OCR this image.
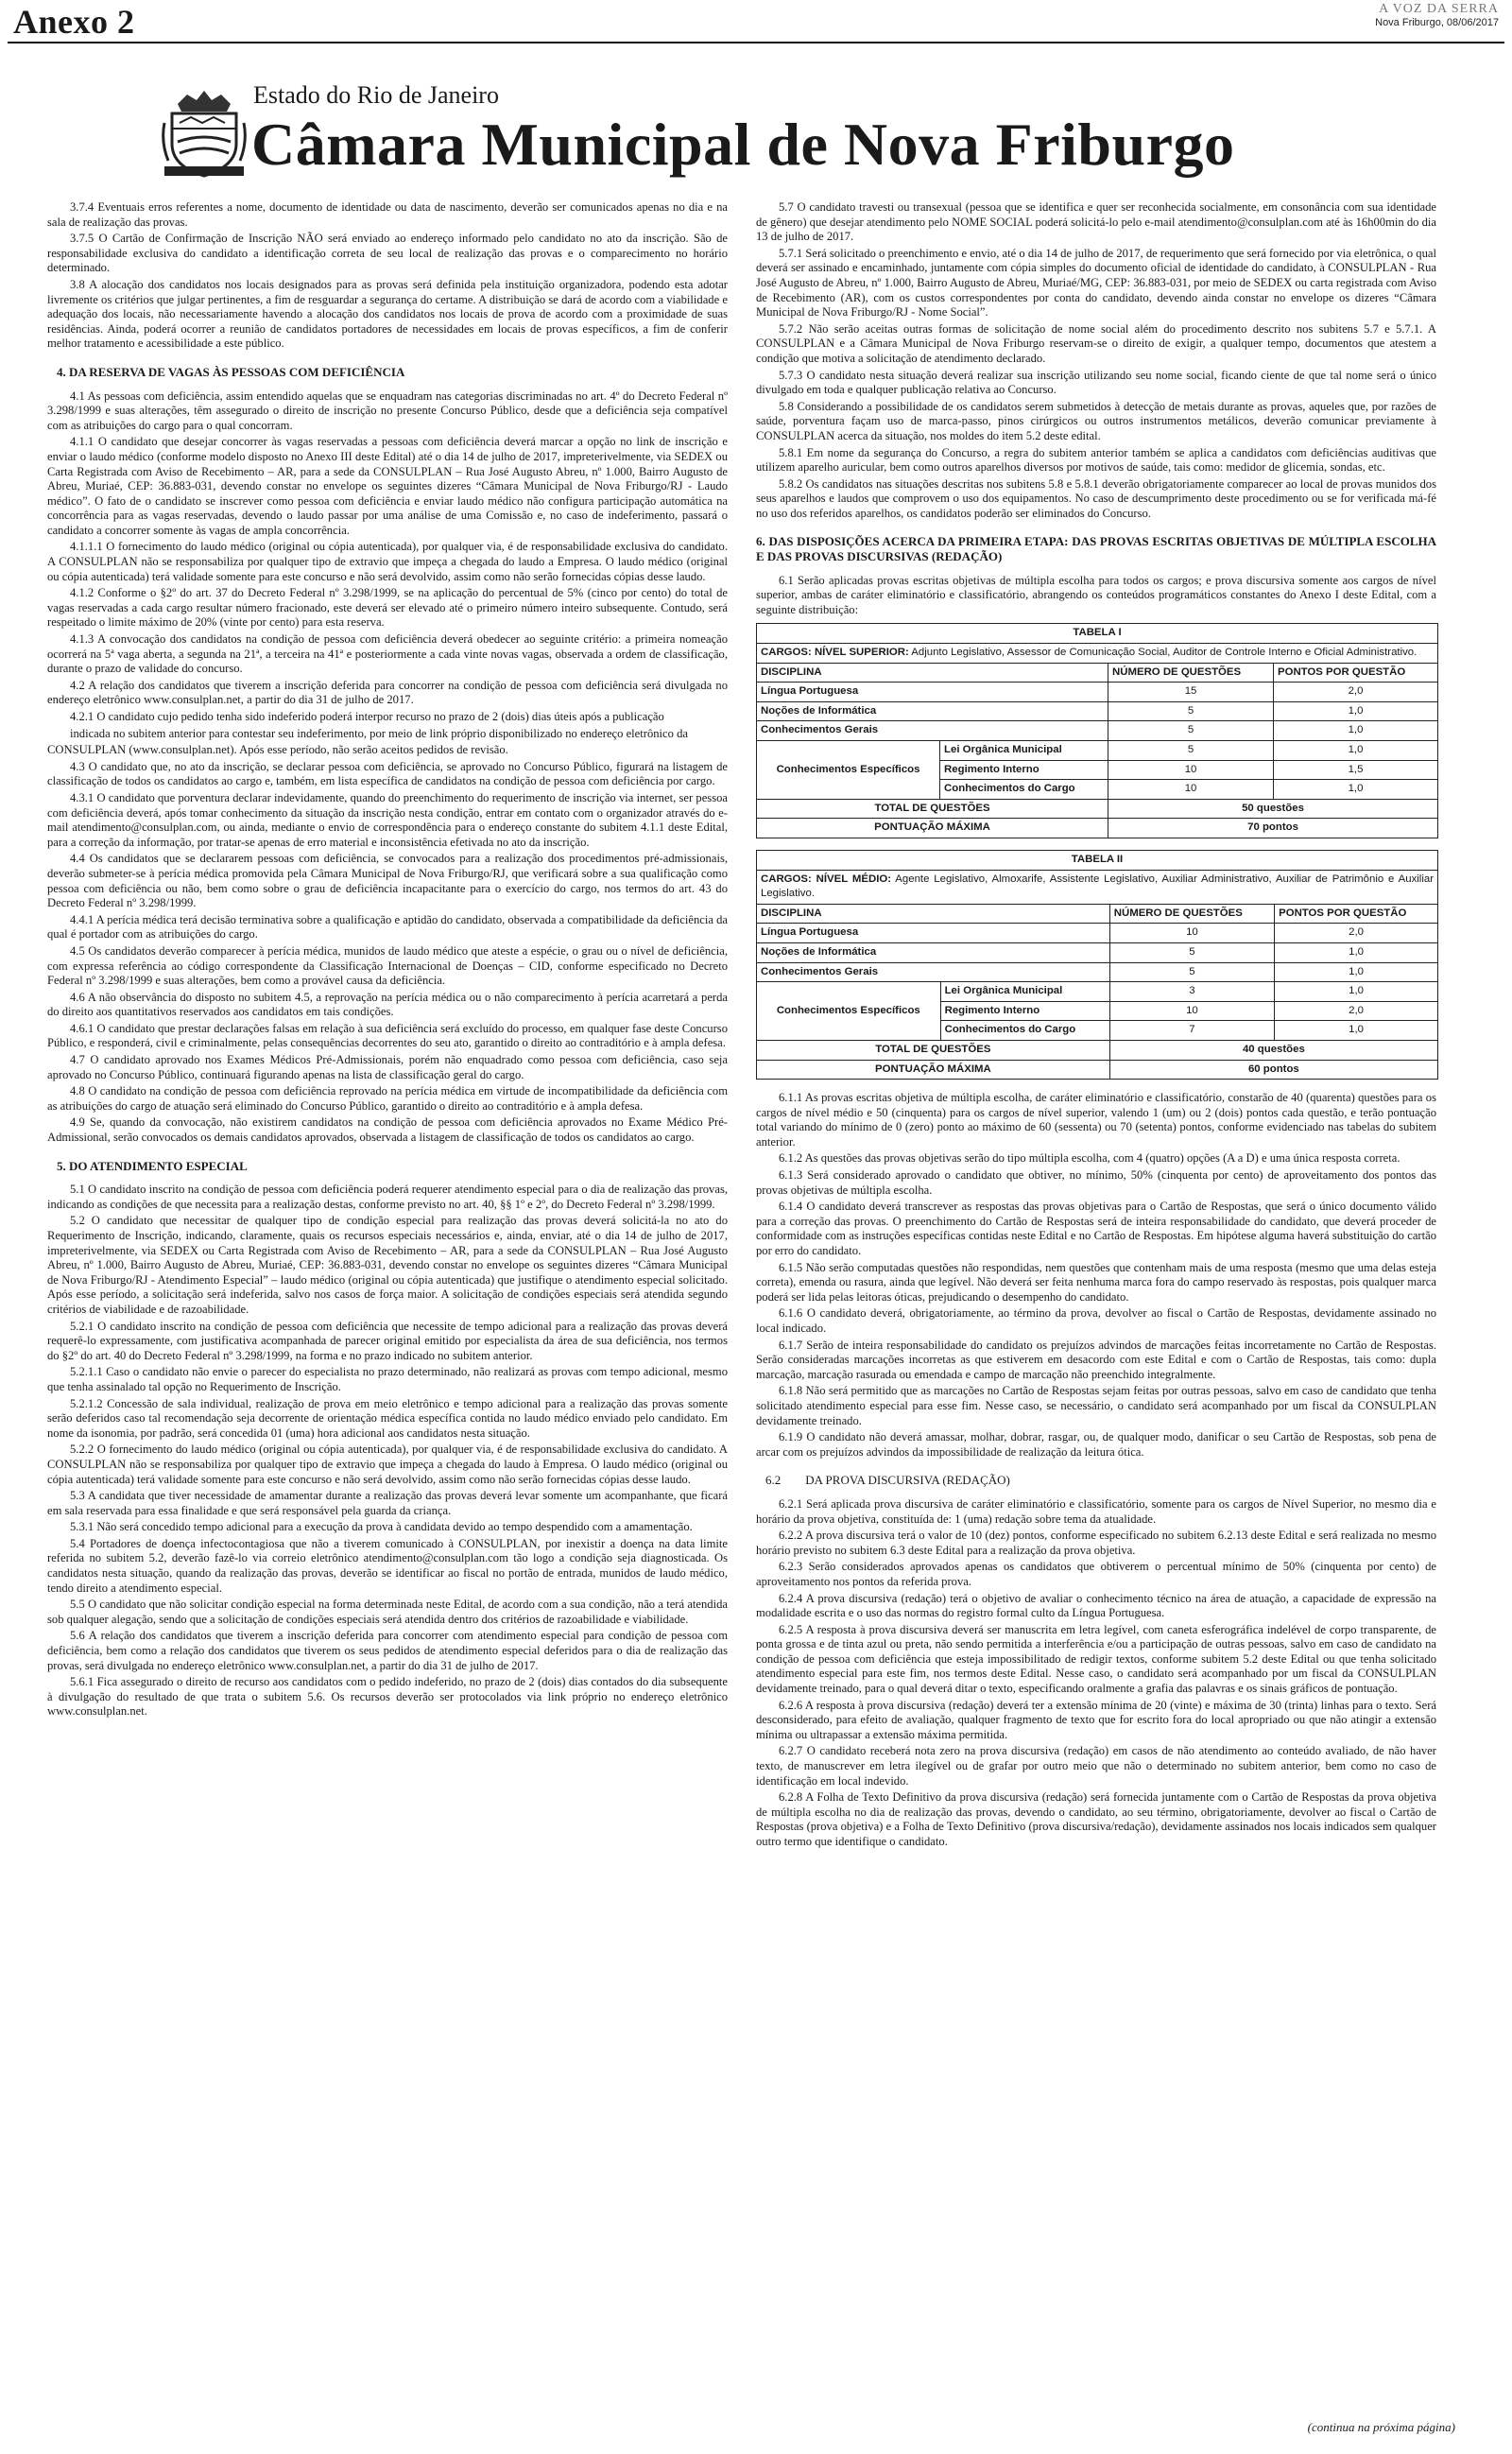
Anexo 2	A VOZ DA SERRA
Nova Friburgo, 08/06/2017
Estado do Rio de Janeiro
Câmara Municipal de Nova Friburgo

3.7.4 Eventuais erros referentes a nome, documento de identidade ou data de nascimento, deverão ser comunicados apenas no dia e na sala de realização das provas.

3.7.5 O Cartão de Confirmação de Inscrição NÃO será enviado ao endereço informado pelo candidato no ato da inscrição. São de responsabilidade exclusiva do candidato a identificação correta de seu local de realização das provas e o comparecimento no horário determinado.

3.8 A alocação dos candidatos nos locais designados para as provas será definida pela instituição organizadora, podendo esta adotar livremente os critérios que julgar pertinentes, a fim de resguardar a segurança do certame. A distribuição se dará de acordo com a viabilidade e adequação dos locais, não necessariamente havendo a alocação dos candidatos nos locais de prova de acordo com a proximidade de suas residências. Ainda, poderá ocorrer a reunião de candidatos portadores de necessidades em locais de provas específicos, a fim de conferir melhor tratamento e acessibilidade a este público.

4. DA RESERVA DE VAGAS ÀS PESSOAS COM DEFICIÊNCIA

4.1 As pessoas com deficiência, assim entendido aquelas que se enquadram nas categorias discriminadas no art. 4º do Decreto Federal nº 3.298/1999 e suas alterações, têm assegurado o direito de inscrição no presente Concurso Público, desde que a deficiência seja compatível com as atribuições do cargo para o qual concorram.

4.1.1 O candidato que desejar concorrer às vagas reservadas a pessoas com deficiência deverá marcar a opção no link de inscrição e enviar o laudo médico (conforme modelo disposto no Anexo III deste Edital) até o dia 14 de julho de 2017, impreterivelmente, via SEDEX ou Carta Registrada com Aviso de Recebimento – AR, para a sede da CONSULPLAN – Rua José Augusto Abreu, nº 1.000, Bairro Augusto de Abreu, Muriaé, CEP: 36.883-031, devendo constar no envelope os seguintes dizeres “Câmara Municipal de Nova Friburgo/RJ - Laudo médico”. O fato de o candidato se inscrever como pessoa com deficiência e enviar laudo médico não configura participação automática na concorrência para as vagas reservadas, devendo o laudo passar por uma análise de uma Comissão e, no caso de indeferimento, passará o candidato a concorrer somente às vagas de ampla concorrência.

4.1.1.1 O fornecimento do laudo médico (original ou cópia autenticada), por qualquer via, é de responsabilidade exclusiva do candidato. A CONSULPLAN não se responsabiliza por qualquer tipo de extravio que impeça a chegada do laudo a Empresa. O laudo médico (original ou cópia autenticada) terá validade somente para este concurso e não será devolvido, assim como não serão fornecidas cópias desse laudo.

4.1.2 Conforme o §2º do art. 37 do Decreto Federal nº 3.298/1999, se na aplicação do percentual de 5% (cinco por cento) do total de vagas reservadas a cada cargo resultar número fracionado, este deverá ser elevado até o primeiro número inteiro subsequente. Contudo, será respeitado o limite máximo de 20% (vinte por cento) para esta reserva.

4.1.3 A convocação dos candidatos na condição de pessoa com deficiência deverá obedecer ao seguinte critério: a primeira nomeação ocorrerá na 5ª vaga aberta, a segunda na 21ª, a terceira na 41ª e posteriormente a cada vinte novas vagas, observada a ordem de classificação, durante o prazo de validade do concurso.

4.2 A relação dos candidatos que tiverem a inscrição deferida para concorrer na condição de pessoa com deficiência será divulgada no endereço eletrônico www.consulplan.net, a partir do dia 31 de julho de 2017.

4.2.1 O candidato cujo pedido tenha sido indeferido poderá interpor recurso no prazo de 2 (dois) dias úteis após a publicação

indicada no subitem anterior para contestar seu indeferimento, por meio de link próprio disponibilizado no endereço eletrônico da

CONSULPLAN (www.consulplan.net). Após esse período, não serão aceitos pedidos de revisão.

4.3 O candidato que, no ato da inscrição, se declarar pessoa com deficiência, se aprovado no Concurso Público, figurará na listagem de classificação de todos os candidatos ao cargo e, também, em lista específica de candidatos na condição de pessoa com deficiência por cargo.

4.3.1 O candidato que porventura declarar indevidamente, quando do preenchimento do requerimento de inscrição via internet, ser pessoa com deficiência deverá, após tomar conhecimento da situação da inscrição nesta condição, entrar em contato com o organizador através do e-mail atendimento@consulplan.com, ou ainda, mediante o envio de correspondência para o endereço constante do subitem 4.1.1 deste Edital, para a correção da informação, por tratar-se apenas de erro material e inconsistência efetivada no ato da inscrição.

4.4 Os candidatos que se declararem pessoas com deficiência, se convocados para a realização dos procedimentos pré-admissionais, deverão submeter-se à perícia médica promovida pela Câmara Municipal de Nova Friburgo/RJ, que verificará sobre a sua qualificação como pessoa com deficiência ou não, bem como sobre o grau de deficiência incapacitante para o exercício do cargo, nos termos do art. 43 do Decreto Federal nº 3.298/1999.

4.4.1 A perícia médica terá decisão terminativa sobre a qualificação e aptidão do candidato, observada a compatibilidade da deficiência da qual é portador com as atribuições do cargo.

4.5 Os candidatos deverão comparecer à perícia médica, munidos de laudo médico que ateste a espécie, o grau ou o nível de deficiência, com expressa referência ao código correspondente da Classificação Internacional de Doenças – CID, conforme especificado no Decreto Federal nº 3.298/1999 e suas alterações, bem como a provável causa da deficiência.

4.6 A não observância do disposto no subitem 4.5, a reprovação na perícia médica ou o não comparecimento à perícia acarretará a perda do direito aos quantitativos reservados aos candidatos em tais condições.

4.6.1 O candidato que prestar declarações falsas em relação à sua deficiência será excluído do processo, em qualquer fase deste Concurso Público, e responderá, civil e criminalmente, pelas consequências decorrentes do seu ato, garantido o direito ao contraditório e à ampla defesa.

4.7 O candidato aprovado nos Exames Médicos Pré-Admissionais, porém não enquadrado como pessoa com deficiência, caso seja aprovado no Concurso Público, continuará figurando apenas na lista de classificação geral do cargo.

4.8 O candidato na condição de pessoa com deficiência reprovado na perícia médica em virtude de incompatibilidade da deficiência com as atribuições do cargo de atuação será eliminado do Concurso Público, garantido o direito ao contraditório e à ampla defesa.

4.9 Se, quando da convocação, não existirem candidatos na condição de pessoa com deficiência aprovados no Exame Médico Pré-Admissional, serão convocados os demais candidatos aprovados, observada a listagem de classificação de todos os candidatos ao cargo.

5. DO ATENDIMENTO ESPECIAL

5.1 O candidato inscrito na condição de pessoa com deficiência poderá requerer atendimento especial para o dia de realização das provas, indicando as condições de que necessita para a realização destas, conforme previsto no art. 40, §§ 1º e 2º, do Decreto Federal nº 3.298/1999.

5.2 O candidato que necessitar de qualquer tipo de condição especial para realização das provas deverá solicitá-la no ato do Requerimento de Inscrição, indicando, claramente, quais os recursos especiais necessários e, ainda, enviar, até o dia 14 de julho de 2017, impreterivelmente, via SEDEX ou Carta Registrada com Aviso de Recebimento – AR, para a sede da CONSULPLAN – Rua José Augusto Abreu, nº 1.000, Bairro Augusto de Abreu, Muriaé, CEP: 36.883-031, devendo constar no envelope os seguintes dizeres “Câmara Municipal de Nova Friburgo/RJ - Atendimento Especial” – laudo médico (original ou cópia autenticada) que justifique o atendimento especial solicitado. Após esse período, a solicitação será indeferida, salvo nos casos de força maior. A solicitação de condições especiais será atendida segundo critérios de viabilidade e de razoabilidade.

5.2.1 O candidato inscrito na condição de pessoa com deficiência que necessite de tempo adicional para a realização das provas deverá requerê-lo expressamente, com justificativa acompanhada de parecer original emitido por especialista da área de sua deficiência, nos termos do §2º do art. 40 do Decreto Federal nº 3.298/1999, na forma e no prazo indicado no subitem anterior.

5.2.1.1 Caso o candidato não envie o parecer do especialista no prazo determinado, não realizará as provas com tempo adicional, mesmo que tenha assinalado tal opção no Requerimento de Inscrição.

5.2.1.2 Concessão de sala individual, realização de prova em meio eletrônico e tempo adicional para a realização das provas somente serão deferidos caso tal recomendação seja decorrente de orientação médica específica contida no laudo médico enviado pelo candidato. Em nome da isonomia, por padrão, será concedida 01 (uma) hora adicional aos candidatos nesta situação.

5.2.2 O fornecimento do laudo médico (original ou cópia autenticada), por qualquer via, é de responsabilidade exclusiva do candidato. A CONSULPLAN não se responsabiliza por qualquer tipo de extravio que impeça a chegada do laudo à Empresa. O laudo médico (original ou cópia autenticada) terá validade somente para este concurso e não será devolvido, assim como não serão fornecidas cópias desse laudo.

5.3 A candidata que tiver necessidade de amamentar durante a realização das provas deverá levar somente um acompanhante, que ficará em sala reservada para essa finalidade e que será responsável pela guarda da criança.

5.3.1 Não será concedido tempo adicional para a execução da prova à candidata devido ao tempo despendido com a amamentação.

5.4 Portadores de doença infectocontagiosa que não a tiverem comunicado à CONSULPLAN, por inexistir a doença na data limite referida no subitem 5.2, deverão fazê-lo via correio eletrônico atendimento@consulplan.com tão logo a condição seja diagnosticada. Os candidatos nesta situação, quando da realização das provas, deverão se identificar ao fiscal no portão de entrada, munidos de laudo médico, tendo direito a atendimento especial.

5.5 O candidato que não solicitar condição especial na forma determinada neste Edital, de acordo com a sua condição, não a terá atendida sob qualquer alegação, sendo que a solicitação de condições especiais será atendida dentro dos critérios de razoabilidade e viabilidade.

5.6 A relação dos candidatos que tiverem a inscrição deferida para concorrer com atendimento especial para condição de pessoa com deficiência, bem como a relação dos candidatos que tiverem os seus pedidos de atendimento especial deferidos para o dia de realização das provas, será divulgada no endereço eletrônico www.consulplan.net, a partir do dia 31 de julho de 2017.

5.6.1 Fica assegurado o direito de recurso aos candidatos com o pedido indeferido, no prazo de 2 (dois) dias contados do dia subsequente à divulgação do resultado de que trata o subitem 5.6. Os recursos deverão ser protocolados via link próprio no endereço eletrônico www.consulplan.net.

5.7 O candidato travesti ou transexual (pessoa que se identifica e quer ser reconhecida socialmente, em consonância com sua identidade de gênero) que desejar atendimento pelo NOME SOCIAL poderá solicitá-lo pelo e-mail atendimento@consulplan.com até às 16h00min do dia 13 de julho de 2017.

5.7.1 Será solicitado o preenchimento e envio, até o dia 14 de julho de 2017, de requerimento que será fornecido por via eletrônica, o qual deverá ser assinado e encaminhado, juntamente com cópia simples do documento oficial de identidade do candidato, à CONSULPLAN - Rua José Augusto de Abreu, nº 1.000, Bairro Augusto de Abreu, Muriaé/MG, CEP: 36.883-031, por meio de SEDEX ou carta registrada com Aviso de Recebimento (AR), com os custos correspondentes por conta do candidato, devendo ainda constar no envelope os dizeres “Câmara Municipal de Nova Friburgo/RJ - Nome Social”.

5.7.2 Não serão aceitas outras formas de solicitação de nome social além do procedimento descrito nos subitens 5.7 e 5.7.1. A CONSULPLAN e a Câmara Municipal de Nova Friburgo reservam-se o direito de exigir, a qualquer tempo, documentos que atestem a condição que motiva a solicitação de atendimento declarado.

5.7.3 O candidato nesta situação deverá realizar sua inscrição utilizando seu nome social, ficando ciente de que tal nome será o único divulgado em toda e qualquer publicação relativa ao Concurso.

5.8 Considerando a possibilidade de os candidatos serem submetidos à detecção de metais durante as provas, aqueles que, por razões de saúde, porventura façam uso de marca-passo, pinos cirúrgicos ou outros instrumentos metálicos, deverão comunicar previamente à CONSULPLAN acerca da situação, nos moldes do item 5.2 deste edital.

5.8.1 Em nome da segurança do Concurso, a regra do subitem anterior também se aplica a candidatos com deficiências auditivas que utilizem aparelho auricular, bem como outros aparelhos diversos por motivos de saúde, tais como: medidor de glicemia, sondas, etc.

5.8.2 Os candidatos nas situações descritas nos subitens 5.8 e 5.8.1 deverão obrigatoriamente comparecer ao local de provas munidos dos seus aparelhos e laudos que comprovem o uso dos equipamentos. No caso de descumprimento deste procedimento ou se for verificada má-fé no uso dos referidos aparelhos, os candidatos poderão ser eliminados do Concurso.

6. DAS DISPOSIÇÕES ACERCA DA PRIMEIRA ETAPA: DAS PROVAS ESCRITAS OBJETIVAS DE MÚLTIPLA ESCOLHA E DAS PROVAS DISCURSIVAS (REDAÇÃO)

6.1 Serão aplicadas provas escritas objetivas de múltipla escolha para todos os cargos; e prova discursiva somente aos cargos de nível superior, ambas de caráter eliminatório e classificatório, abrangendo os conteúdos programáticos constantes do Anexo I deste Edital, com a seguinte distribuição:

TABELA I			
CARGOS: NÍVEL SUPERIOR: Adjunto Legislativo, Assessor de Comunicação Social, Auditor de Controle Interno e Oficial Administrativo.			
DISCIPLINA		NÚMERO DE QUESTÕES	PONTOS POR QUESTÃO
Língua Portuguesa		15	2,0
Noções de Informática		5	1,0
Conhecimentos Gerais		5	1,0
Conhecimentos Específicos	Lei Orgânica Municipal	5	1,0
	Regimento Interno	10	1,5
	Conhecimentos do Cargo	10	1,0
TOTAL DE QUESTÕES		50 questões	
PONTUAÇÃO MÁXIMA		70 pontos	
TABELA II			
CARGOS: NÍVEL MÉDIO: Agente Legislativo, Almoxarife, Assistente Legislativo, Auxiliar Administrativo, Auxiliar de Patrimônio e Auxiliar Legislativo.			
DISCIPLINA		NÚMERO DE QUESTÕES	PONTOS POR QUESTÃO
Língua Portuguesa		10	2,0
Noções de Informática		5	1,0
Conhecimentos Gerais		5	1,0
Conhecimentos Específicos	Lei Orgânica Municipal	3	1,0
	Regimento Interno	10	2,0
	Conhecimentos do Cargo	7	1,0
TOTAL DE QUESTÕES		40 questões	
PONTUAÇÃO MÁXIMA		60 pontos	

6.1.1 As provas escritas objetiva de múltipla escolha, de caráter eliminatório e classificatório, constarão de 40 (quarenta) questões para os cargos de nível médio e 50 (cinquenta) para os cargos de nível superior, valendo 1 (um) ou 2 (dois) pontos cada questão, e terão pontuação total variando do mínimo de 0 (zero) ponto ao máximo de 60 (sessenta) ou 70 (setenta) pontos, conforme evidenciado nas tabelas do subitem anterior.

6.1.2 As questões das provas objetivas serão do tipo múltipla escolha, com 4 (quatro) opções (A a D) e uma única resposta correta.

6.1.3 Será considerado aprovado o candidato que obtiver, no mínimo, 50% (cinquenta por cento) de aproveitamento dos pontos das provas objetivas de múltipla escolha.

6.1.4 O candidato deverá transcrever as respostas das provas objetivas para o Cartão de Respostas, que será o único documento válido para a correção das provas. O preenchimento do Cartão de Respostas será de inteira responsabilidade do candidato, que deverá proceder de conformidade com as instruções específicas contidas neste Edital e no Cartão de Respostas. Em hipótese alguma haverá substituição do cartão por erro do candidato.

6.1.5 Não serão computadas questões não respondidas, nem questões que contenham mais de uma resposta (mesmo que uma delas esteja correta), emenda ou rasura, ainda que legível. Não deverá ser feita nenhuma marca fora do campo reservado às respostas, pois qualquer marca poderá ser lida pelas leitoras óticas, prejudicando o desempenho do candidato.

6.1.6 O candidato deverá, obrigatoriamente, ao término da prova, devolver ao fiscal o Cartão de Respostas, devidamente assinado no local indicado.

6.1.7 Serão de inteira responsabilidade do candidato os prejuízos advindos de marcações feitas incorretamente no Cartão de Respostas. Serão consideradas marcações incorretas as que estiverem em desacordo com este Edital e com o Cartão de Respostas, tais como: dupla marcação, marcação rasurada ou emendada e campo de marcação não preenchido integralmente.

6.1.8 Não será permitido que as marcações no Cartão de Respostas sejam feitas por outras pessoas, salvo em caso de candidato que tenha solicitado atendimento especial para esse fim. Nesse caso, se necessário, o candidato será acompanhado por um fiscal da CONSULPLAN devidamente treinado.

6.1.9 O candidato não deverá amassar, molhar, dobrar, rasgar, ou, de qualquer modo, danificar o seu Cartão de Respostas, sob pena de arcar com os prejuízos advindos da impossibilidade de realização da leitura ótica.

6.2        DA PROVA DISCURSIVA (REDAÇÃO)

6.2.1 Será aplicada prova discursiva de caráter eliminatório e classificatório, somente para os cargos de Nível Superior, no mesmo dia e horário da prova objetiva, constituída de: 1 (uma) redação sobre tema da atualidade.

6.2.2 A prova discursiva terá o valor de 10 (dez) pontos, conforme especificado no subitem 6.2.13 deste Edital e será realizada no mesmo horário previsto no subitem 6.3 deste Edital para a realização da prova objetiva.

6.2.3 Serão considerados aprovados apenas os candidatos que obtiverem o percentual mínimo de 50% (cinquenta por cento) de aproveitamento nos pontos da referida prova.

6.2.4 A prova discursiva (redação) terá o objetivo de avaliar o conhecimento técnico na área de atuação, a capacidade de expressão na modalidade escrita e o uso das normas do registro formal culto da Língua Portuguesa.

6.2.5 A resposta à prova discursiva deverá ser manuscrita em letra legível, com caneta esferográfica indelével de corpo transparente, de ponta grossa e de tinta azul ou preta, não sendo permitida a interferência e/ou a participação de outras pessoas, salvo em caso de candidato na condição de pessoa com deficiência que esteja impossibilitado de redigir textos, conforme subitem 5.2 deste Edital ou que tenha solicitado atendimento especial para este fim, nos termos deste Edital. Nesse caso, o candidato será acompanhado por um fiscal da CONSULPLAN devidamente treinado, para o qual deverá ditar o texto, especificando oralmente a grafia das palavras e os sinais gráficos de pontuação.

6.2.6 A resposta à prova discursiva (redação) deverá ter a extensão mínima de 20 (vinte) e máxima de 30 (trinta) linhas para o texto. Será desconsiderado, para efeito de avaliação, qualquer fragmento de texto que for escrito fora do local apropriado ou que não atingir a extensão mínima ou ultrapassar a extensão máxima permitida.

6.2.7 O candidato receberá nota zero na prova discursiva (redação) em casos de não atendimento ao conteúdo avaliado, de não haver texto, de manuscrever em letra ilegível ou de grafar por outro meio que não o determinado no subitem anterior, bem como no caso de identificação em local indevido.

6.2.8 A Folha de Texto Definitivo da prova discursiva (redação) será fornecida juntamente com o Cartão de Respostas da prova objetiva de múltipla escolha no dia de realização das provas, devendo o candidato, ao seu término, obrigatoriamente, devolver ao fiscal o Cartão de Respostas (prova objetiva) e a Folha de Texto Definitivo (prova discursiva/redação), devidamente assinados nos locais indicados sem qualquer outro termo que identifique o candidato.

(continua na próxima página)
